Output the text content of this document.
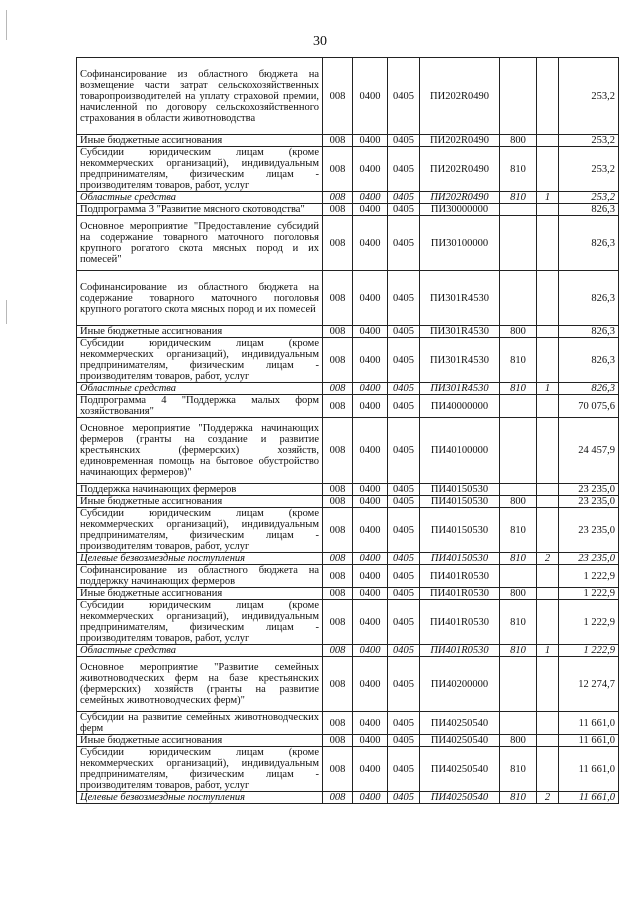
30
Софинансирование из областного бюджета на возмещение части затрат сельскохозяйственных товаропроизводителей на уплату страховой премии, начисленной по договору сельскохозяйственного страхования в области животноводства	008	0400	0405	ПИ202R0490			253,2
Иные бюджетные ассигнования	008	0400	0405	ПИ202R0490	800		253,2
Субсидии юридическим лицам (кроме некоммерческих организаций), индивидуальным предпринимателям, физическим лицам - производителям товаров, работ, услуг	008	0400	0405	ПИ202R0490	810		253,2
Областные средства	008	0400	0405	ПИ202R0490	810	1	253,2
Подпрограмма 3 "Развитие мясного скотоводства"	008	0400	0405	ПИ30000000			826,3
Основное мероприятие "Предоставление субсидий на содержание товарного маточного поголовья крупного рогатого скота мясных пород и их помесей"	008	0400	0405	ПИ30100000			826,3
Софинансирование из областного бюджета на содержание товарного маточного поголовья крупного рогатого скота мясных пород и их помесей	008	0400	0405	ПИ301R4530			826,3
Иные бюджетные ассигнования	008	0400	0405	ПИ301R4530	800		826,3
Субсидии юридическим лицам (кроме некоммерческих организаций), индивидуальным предпринимателям, физическим лицам - производителям товаров, работ, услуг	008	0400	0405	ПИ301R4530	810		826,3
Областные средства	008	0400	0405	ПИ301R4530	810	1	826,3
Подпрограмма 4 "Поддержка малых форм хозяйствования"	008	0400	0405	ПИ40000000			70 075,6
Основное мероприятие "Поддержка начинающих фермеров (гранты на создание и развитие крестьянских (фермерских) хозяйств, единовременная помощь на бытовое обустройство начинающих фермеров)"	008	0400	0405	ПИ40100000			24 457,9
Поддержка начинающих фермеров	008	0400	0405	ПИ40150530			23 235,0
Иные бюджетные ассигнования	008	0400	0405	ПИ40150530	800		23 235,0
Субсидии юридическим лицам (кроме некоммерческих организаций), индивидуальным предпринимателям, физическим лицам - производителям товаров, работ, услуг	008	0400	0405	ПИ40150530	810		23 235,0
Целевые безвозмездные поступления	008	0400	0405	ПИ40150530	810	2	23 235,0
Софинансирование из областного бюджета на поддержку начинающих фермеров	008	0400	0405	ПИ401R0530			1 222,9
Иные бюджетные ассигнования	008	0400	0405	ПИ401R0530	800		1 222,9
Субсидии юридическим лицам (кроме некоммерческих организаций), индивидуальным предпринимателям, физическим лицам - производителям товаров, работ, услуг	008	0400	0405	ПИ401R0530	810		1 222,9
Областные средства	008	0400	0405	ПИ401R0530	810	1	1 222,9
Основное мероприятие "Развитие семейных животноводческих ферм на базе крестьянских (фермерских) хозяйств (гранты на развитие семейных животноводческих ферм)"	008	0400	0405	ПИ40200000			12 274,7
Субсидии на развитие семейных животноводческих ферм	008	0400	0405	ПИ40250540			11 661,0
Иные бюджетные ассигнования	008	0400	0405	ПИ40250540	800		11 661,0
Субсидии юридическим лицам (кроме некоммерческих организаций), индивидуальным предпринимателям, физическим лицам - производителям товаров, работ, услуг	008	0400	0405	ПИ40250540	810		11 661,0
Целевые безвозмездные поступления	008	0400	0405	ПИ40250540	810	2	11 661,0
